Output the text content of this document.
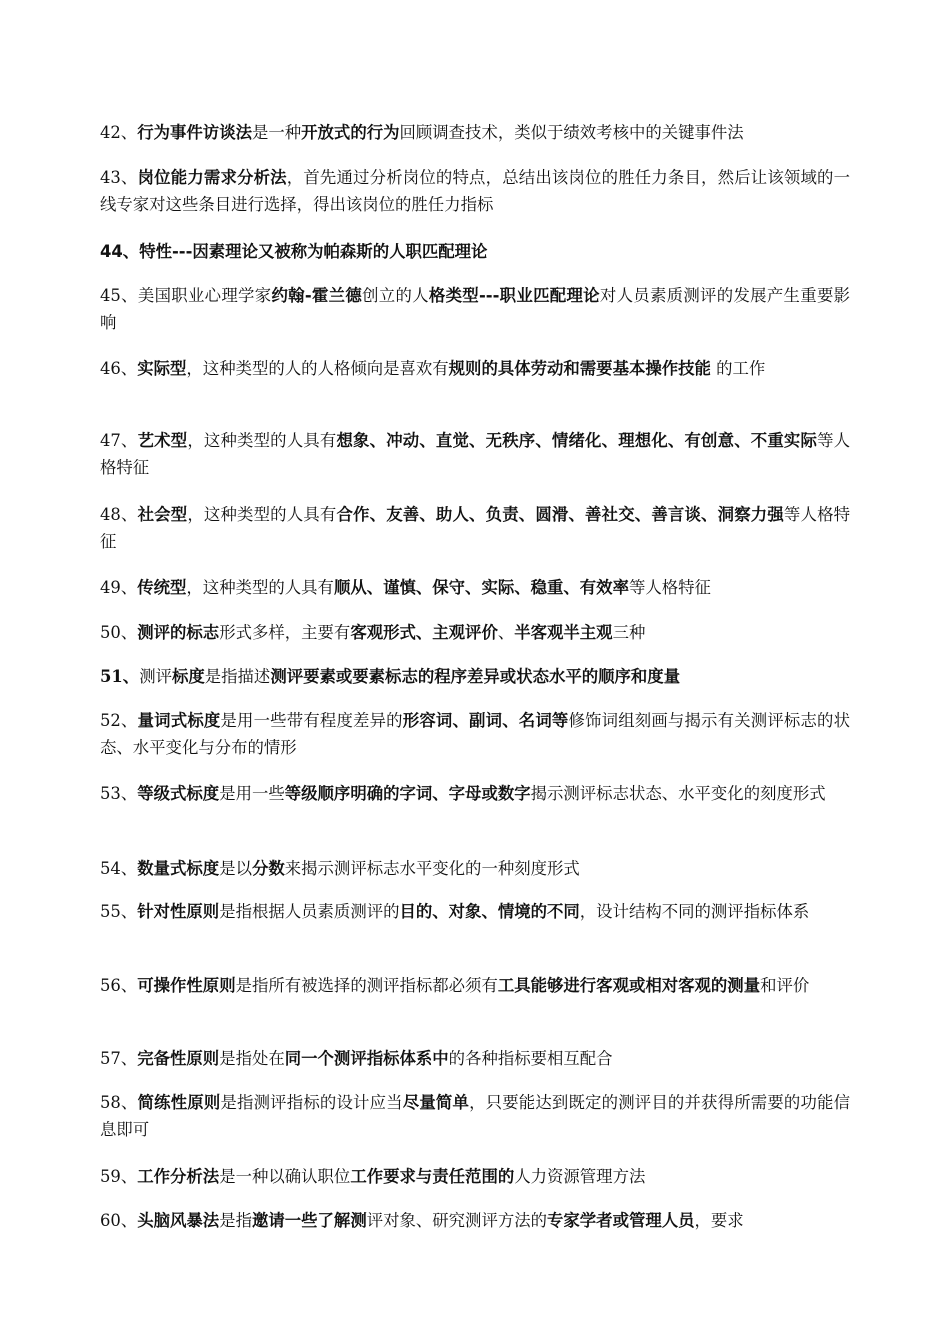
42、行为事件访谈法是一种开放式的行为回顾调查技术，类似于绩效考核中的关键事件法

43、岗位能力需求分析法，首先通过分析岗位的特点，总结出该岗位的胜任力条目，然后让该领域的一线专家对这些条目进行选择，得出该岗位的胜任力指标

44、特性---因素理论又被称为帕森斯的人职匹配理论

45、美国职业心理学家约翰-霍兰德创立的人格类型---职业匹配理论对人员素质测评的发展产生重要影响

46、实际型，这种类型的人的人格倾向是喜欢有规则的具体劳动和需要基本操作技能 的工作

47、艺术型，这种类型的人具有想象、冲动、直觉、无秩序、情绪化、理想化、有创意、不重实际等人格特征

48、社会型，这种类型的人具有合作、友善、助人、负责、圆滑、善社交、善言谈、洞察力强等人格特征

49、传统型，这种类型的人具有顺从、谨慎、保守、实际、稳重、有效率等人格特征

50、测评的标志形式多样，主要有客观形式、主观评价、半客观半主观三种

51、测评标度是指描述测评要素或要素标志的程序差异或状态水平的顺序和度量

52、量词式标度是用一些带有程度差异的形容词、副词、名词等修饰词组刻画与揭示有关测评标志的状态、水平变化与分布的情形

53、等级式标度是用一些等级顺序明确的字词、字母或数字揭示测评标志状态、水平变化的刻度形式

54、数量式标度是以分数来揭示测评标志水平变化的一种刻度形式

55、针对性原则是指根据人员素质测评的目的、对象、情境的不同，设计结构不同的测评指标体系

56、可操作性原则是指所有被选择的测评指标都必须有工具能够进行客观或相对客观的测量和评价

57、完备性原则是指处在同一个测评指标体系中的各种指标要相互配合

58、简练性原则是指测评指标的设计应当尽量简单，只要能达到既定的测评目的并获得所需要的功能信息即可

59、工作分析法是一种以确认职位工作要求与责任范围的人力资源管理方法

60、头脑风暴法是指邀请一些了解测评对象、研究测评方法的专家学者或管理人员，要求
